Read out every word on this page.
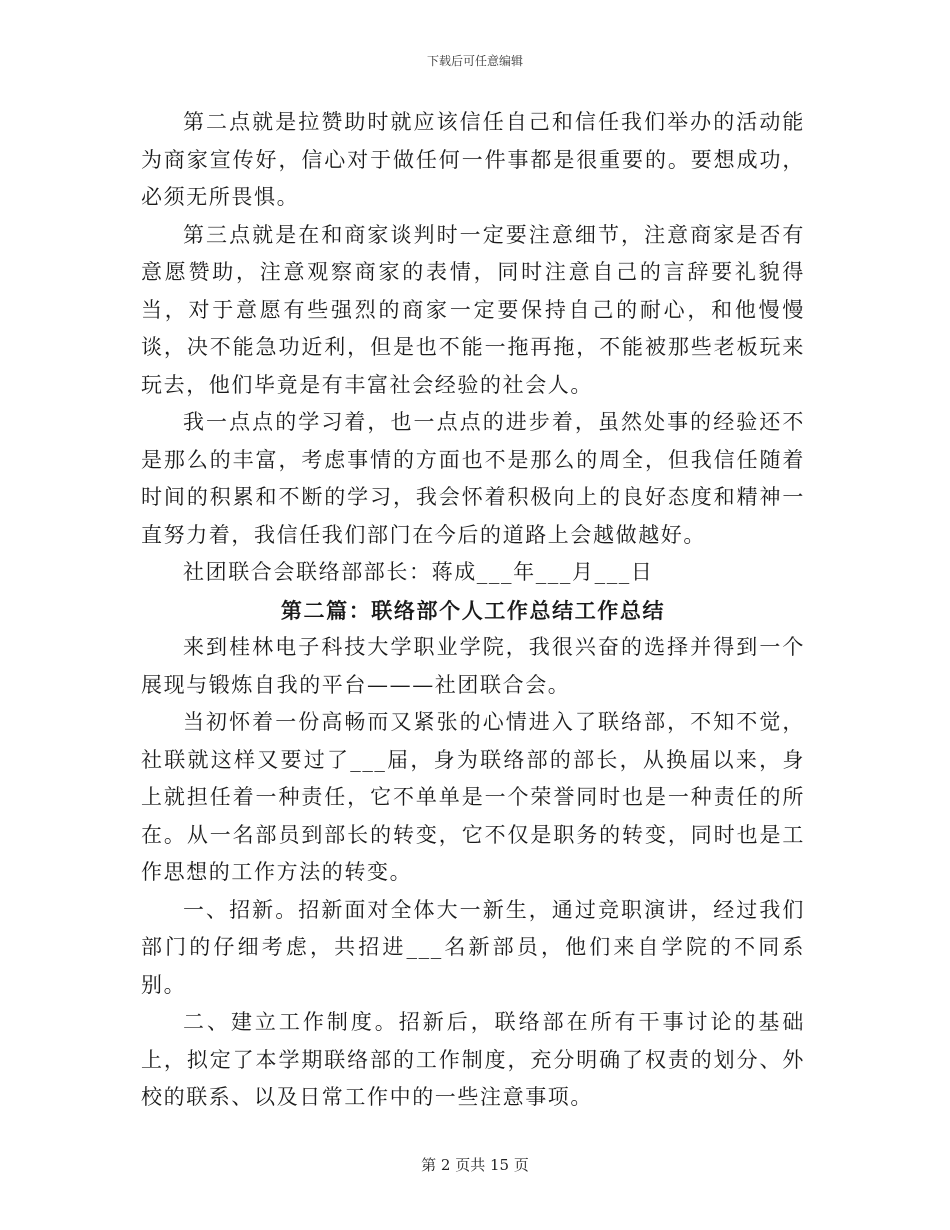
下载后可任意编辑

第二点就是拉赞助时就应该信任自己和信任我们举办的活动能为商家宣传好，信心对于做任何一件事都是很重要的。要想成功，必须无所畏惧。

第三点就是在和商家谈判时一定要注意细节，注意商家是否有意愿赞助，注意观察商家的表情，同时注意自己的言辞要礼貌得当，对于意愿有些强烈的商家一定要保持自己的耐心，和他慢慢谈，决不能急功近利，但是也不能一拖再拖，不能被那些老板玩来玩去，他们毕竟是有丰富社会经验的社会人。

我一点点的学习着，也一点点的进步着，虽然处事的经验还不是那么的丰富，考虑事情的方面也不是那么的周全，但我信任随着时间的积累和不断的学习，我会怀着积极向上的良好态度和精神一直努力着，我信任我们部门在今后的道路上会越做越好。

社团联合会联络部部长：蒋成___年___月___日

第二篇：联络部个人工作总结工作总结

来到桂林电子科技大学职业学院，我很兴奋的选择并得到一个展现与锻炼自我的平台———社团联合会。

当初怀着一份高畅而又紧张的心情进入了联络部，不知不觉，社联就这样又要过了___届，身为联络部的部长，从换届以来，身上就担任着一种责任，它不单单是一个荣誉同时也是一种责任的所在。从一名部员到部长的转变，它不仅是职务的转变，同时也是工作思想的工作方法的转变。

一、招新。招新面对全体大一新生，通过竞职演讲，经过我们部门的仔细考虑，共招进___名新部员，他们来自学院的不同系别。

二、建立工作制度。招新后，联络部在所有干事讨论的基础上，拟定了本学期联络部的工作制度，充分明确了权责的划分、外校的联系、以及日常工作中的一些注意事项。

第 2 页共 15 页
